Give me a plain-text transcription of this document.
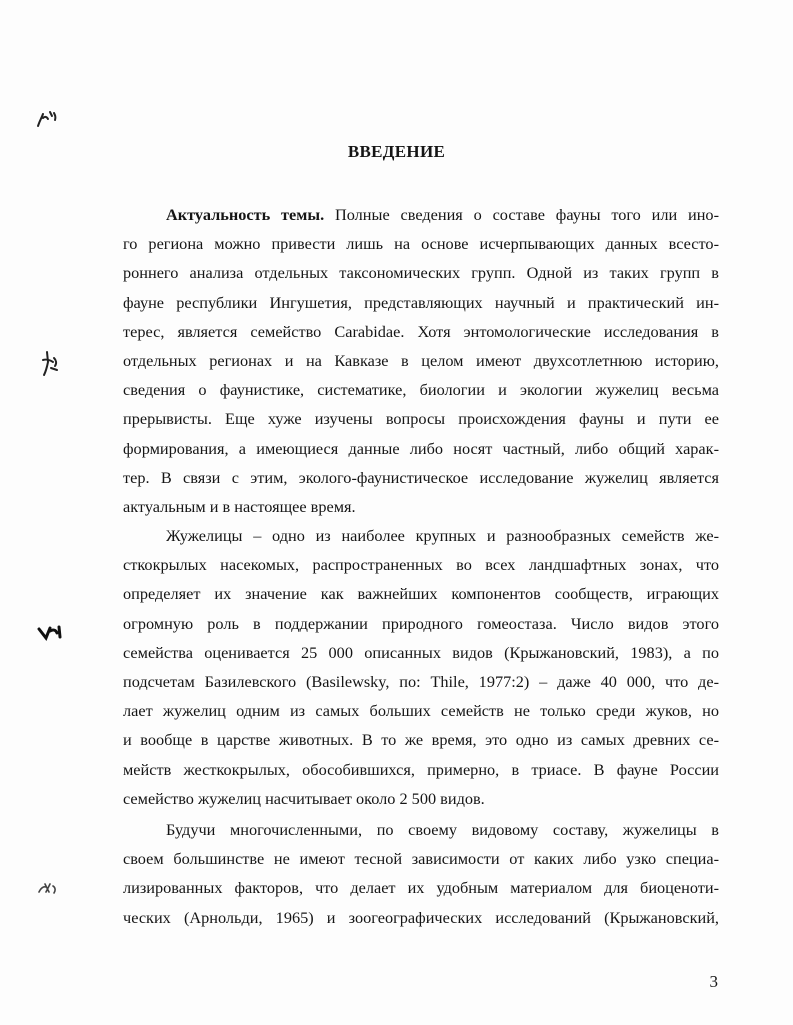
ВВЕДЕНИЕ
Актуальность темы. Полные сведения о составе фауны того или ино-
го региона можно привести лишь на основе исчерпывающих данных всесто-
роннего анализа отдельных таксономических групп. Одной из таких групп в
фауне республики Ингушетия, представляющих научный и практический ин-
терес, является семейство Carabidae. Хотя энтомологические исследования в
отдельных регионах и на Кавказе в целом имеют двухсотлетнюю историю,
сведения о фаунистике, систематике, биологии и экологии жужелиц весьма
прерывисты. Еще хуже изучены вопросы происхождения фауны и пути ее
формирования, а имеющиеся данные либо носят частный, либо общий харак-
тер. В связи с этим, эколого-фаунистическое исследование жужелиц является
актуальным и в настоящее время.
Жужелицы – одно из наиболее крупных и разнообразных семейств же-
сткокрылых насекомых, распространенных во всех ландшафтных зонах, что
определяет их значение как важнейших компонентов сообществ, играющих
огромную роль в поддержании природного гомеостаза. Число видов этого
семейства оценивается 25 000 описанных видов (Крыжановский, 1983), а по
подсчетам Базилевского (Basilewsky, по: Thile, 1977:2) – даже 40 000, что де-
лает жужелиц одним из самых больших семейств не только среди жуков, но
и вообще в царстве животных. В то же время, это одно из самых древних се-
мейств жесткокрылых, обособившихся, примерно, в триасе. В фауне России
семейство жужелиц насчитывает около 2 500 видов.
Будучи многочисленными, по своему видовому составу, жужелицы в
своем большинстве не имеют тесной зависимости от каких либо узко специа-
лизированных факторов, что делает их удобным материалом для биоценоти-
ческих (Арнольди, 1965) и зоогеографических исследований (Крыжановский,
3
